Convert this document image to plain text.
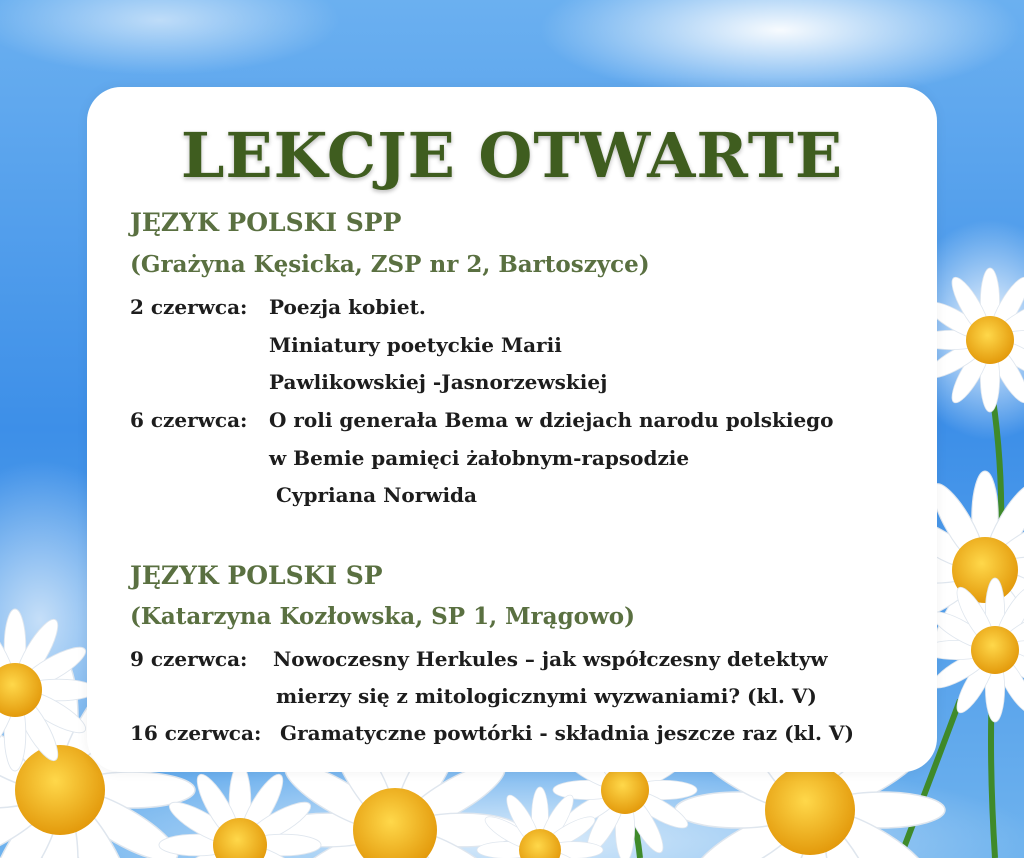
LEKCJE OTWARTE
JĘZYK POLSKI SPP
(Grażyna Kęsicka, ZSP nr 2, Bartoszyce)
2 czerwca: Poezja kobiet.
Miniatury poetyckie Marii
Pawlikowskiej -Jasnorzewskiej
6 czerwca: O roli generała Bema w dziejach narodu polskiego
w Bemie pamięci żałobnym-rapsodzie
Cypriana Norwida
JĘZYK POLSKI SP
(Katarzyna Kozłowska, SP 1, Mrągowo)
9 czerwca: Nowoczesny Herkules – jak współczesny detektyw
mierzy się z mitologicznymi wyzwaniami? (kl. V)
16 czerwca: Gramatyczne powtórki - składnia jeszcze raz (kl. V)
